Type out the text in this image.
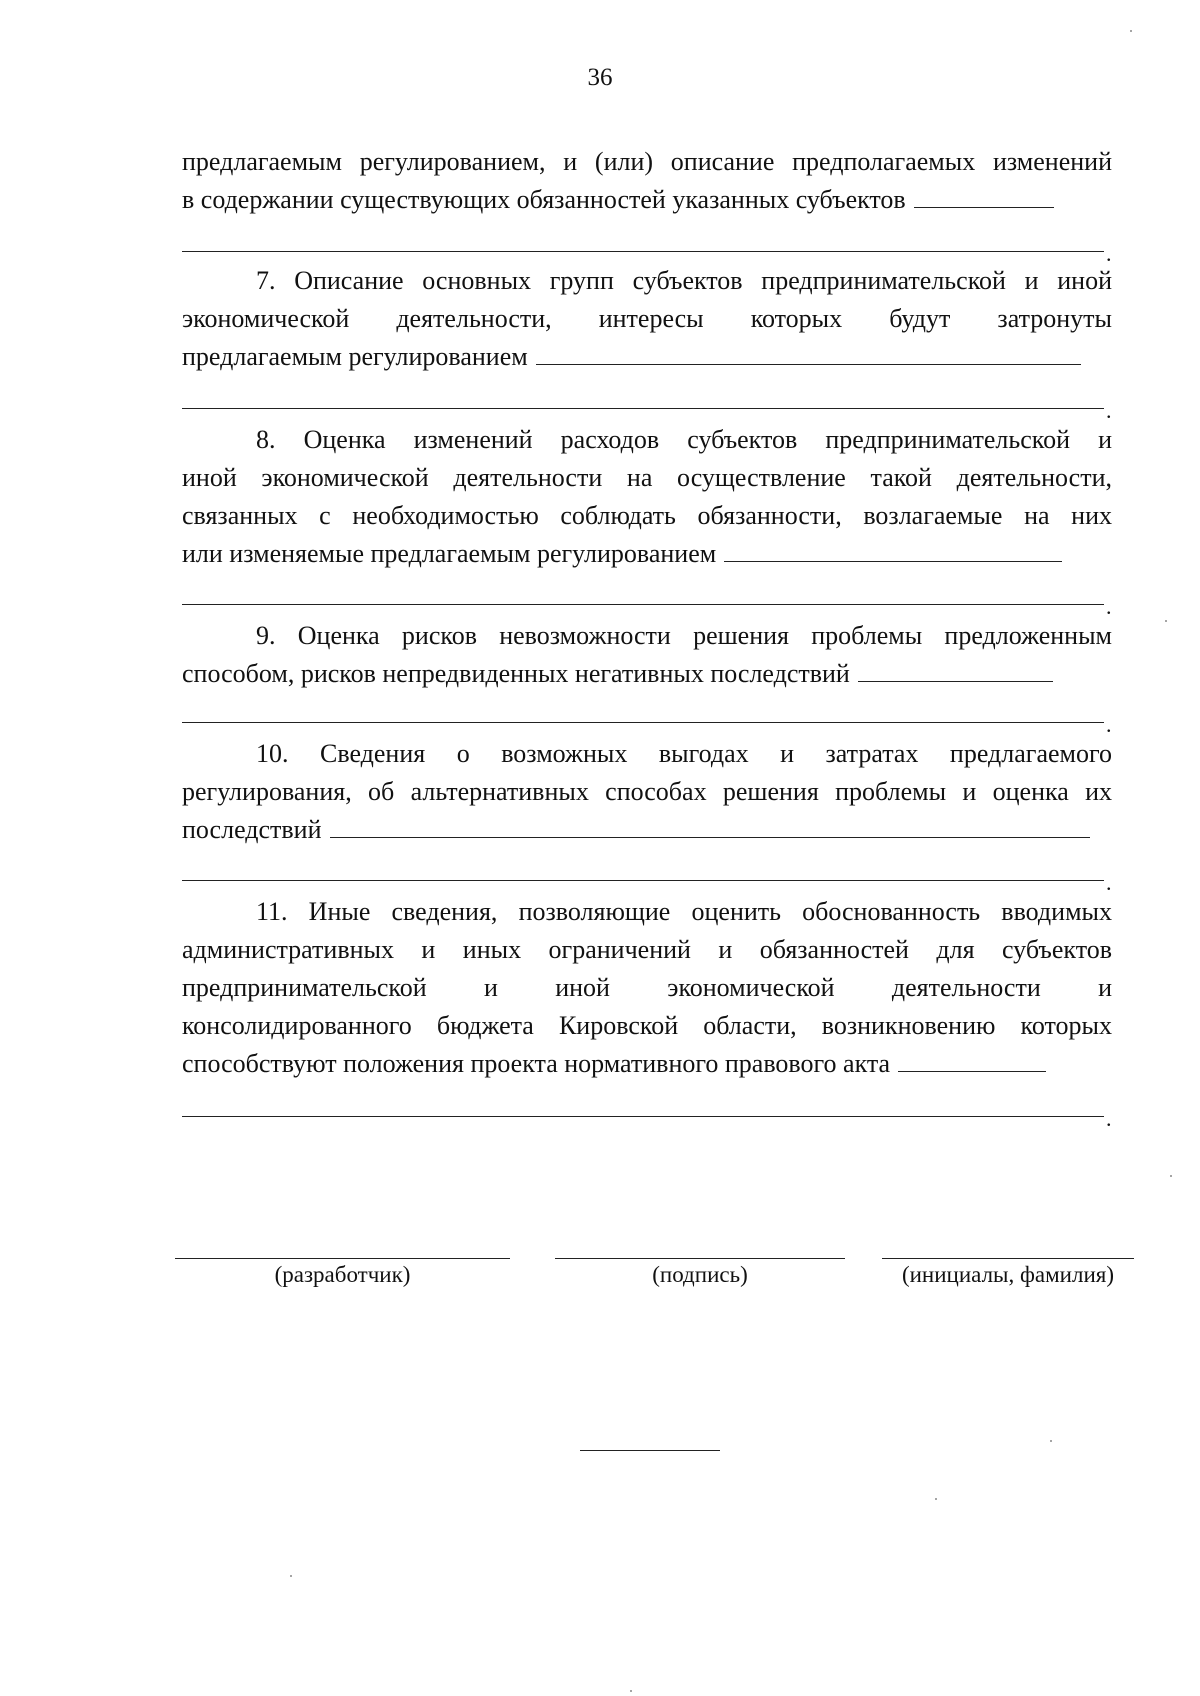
36
предлагаемым регулированием, и (или) описание предполагаемых изменений
в содержании существующих обязанностей указанных субъектов
.
7. Описание основных групп субъектов предпринимательской и иной
экономической деятельности, интересы которых будут затронуты
предлагаемым регулированием
.
8. Оценка изменений расходов субъектов предпринимательской и
иной экономической деятельности на осуществление такой деятельности,
связанных с необходимостью соблюдать обязанности, возлагаемые на них
или изменяемые предлагаемым регулированием
.
9. Оценка рисков невозможности решения проблемы предложенным
способом, рисков непредвиденных негативных последствий
.
10. Сведения о возможных выгодах и затратах предлагаемого
регулирования, об альтернативных способах решения проблемы и оценка их
последствий
.
11. Иные сведения, позволяющие оценить обоснованность вводимых
административных и иных ограничений и обязанностей для субъектов
предпринимательской и иной экономической деятельности и
консолидированного бюджета Кировской области, возникновению которых
способствуют положения проекта нормативного правового акта
.
(разработчик)	(подпись)	(инициалы, фамилия)
